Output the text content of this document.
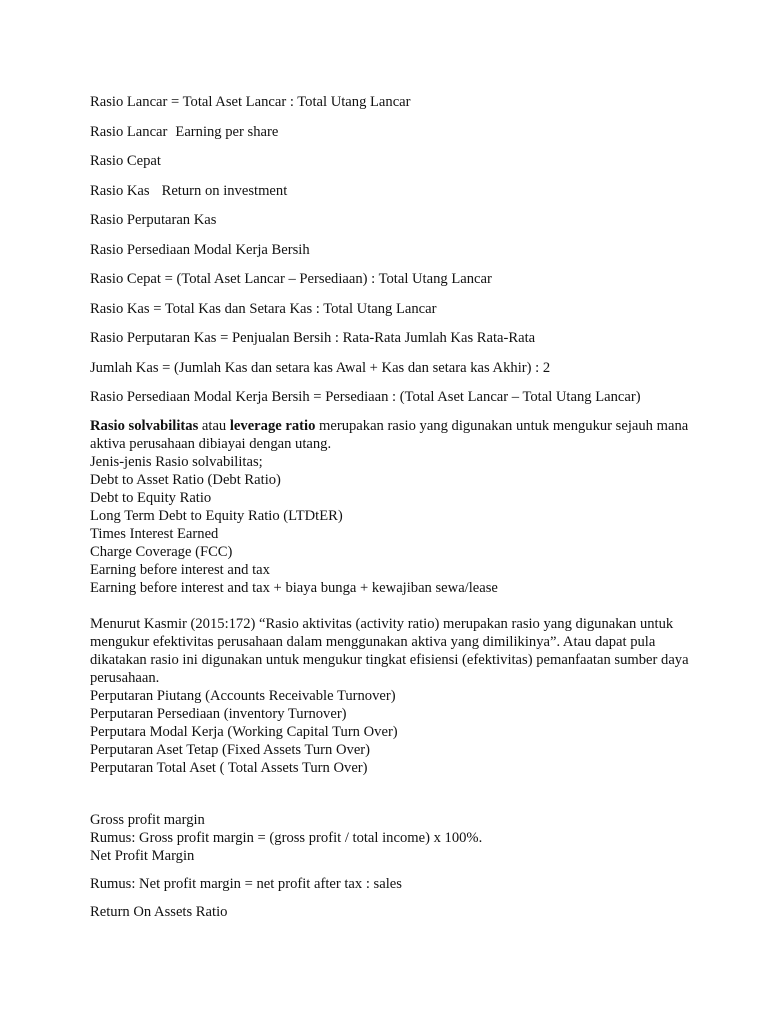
Rasio Lancar = Total Aset Lancar : Total Utang Lancar

Rasio Lancar Earning per share

Rasio Cepat

Rasio Kas Return on investment

Rasio Perputaran Kas

Rasio Persediaan Modal Kerja Bersih

Rasio Cepat = (Total Aset Lancar – Persediaan) : Total Utang Lancar

Rasio Kas = Total Kas dan Setara Kas : Total Utang Lancar

Rasio Perputaran Kas = Penjualan Bersih : Rata-Rata Jumlah Kas Rata-Rata

Jumlah Kas = (Jumlah Kas dan setara kas Awal + Kas dan setara kas Akhir) : 2

Rasio Persediaan Modal Kerja Bersih = Persediaan : (Total Aset Lancar – Total Utang Lancar)

Rasio solvabilitas atau leverage ratio merupakan rasio yang digunakan untuk mengukur sejauh mana aktiva perusahaan dibiayai dengan utang.

Jenis-jenis Rasio solvabilitas;

Debt to Asset Ratio (Debt Ratio)

Debt to Equity Ratio

Long Term Debt to Equity Ratio (LTDtER)

Times Interest Earned

Charge Coverage (FCC)

Earning before interest and tax

Earning before interest and tax + biaya bunga + kewajiban sewa/lease

Menurut Kasmir (2015:172) “Rasio aktivitas (activity ratio) merupakan rasio yang digunakan untuk mengukur efektivitas perusahaan dalam menggunakan aktiva yang dimilikinya”. Atau dapat pula dikatakan rasio ini digunakan untuk mengukur tingkat efisiensi (efektivitas) pemanfaatan sumber daya perusahaan.

Perputaran Piutang (Accounts Receivable Turnover)

Perputaran Persediaan (inventory Turnover)

Perputara Modal Kerja (Working Capital Turn Over)

Perputaran Aset Tetap (Fixed Assets Turn Over)

Perputaran Total Aset ( Total Assets Turn Over)

Gross profit margin

Rumus: Gross profit margin = (gross profit / total income) x 100%.

Net Profit Margin

Rumus: Net profit margin = net profit after tax : sales

Return On Assets Ratio
